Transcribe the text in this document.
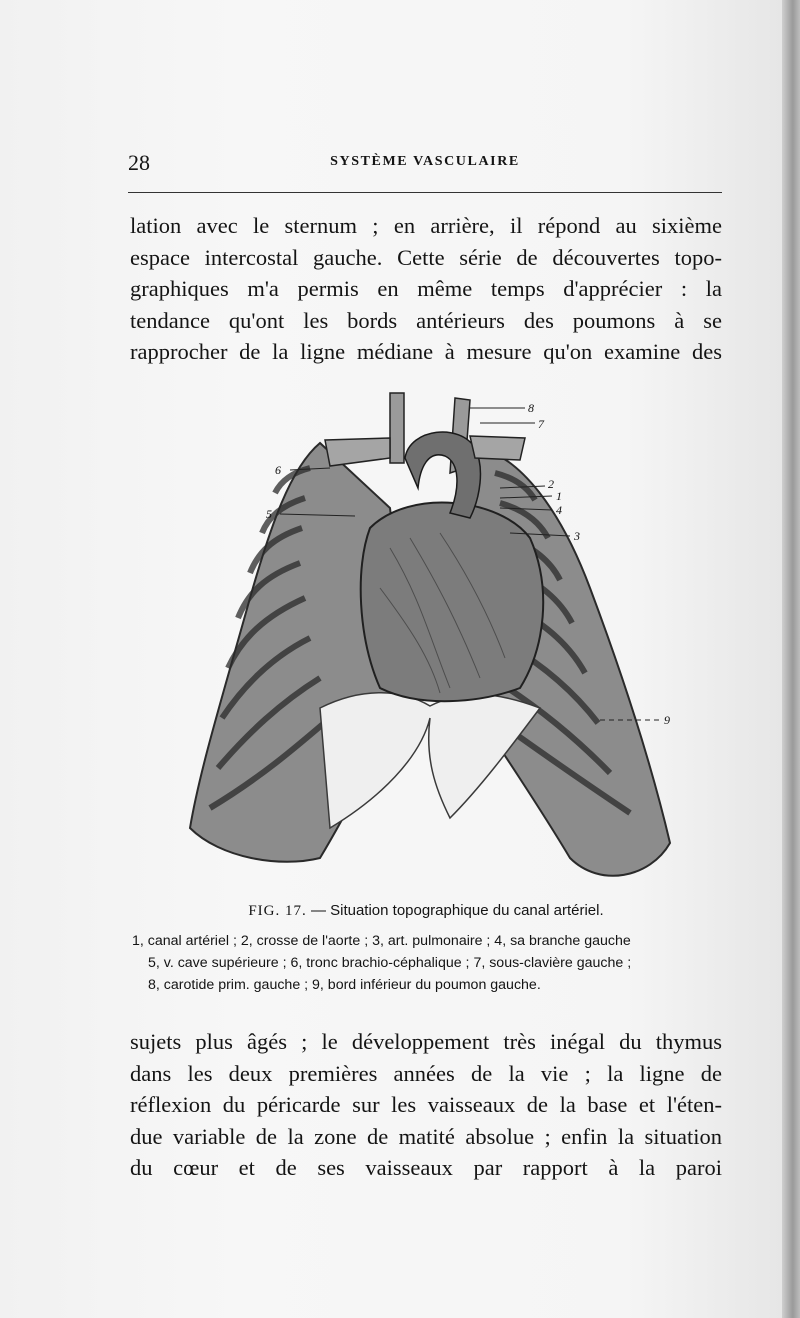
28	SYSTÈME VASCULAIRE
lation avec le sternum ; en arrière, il répond au sixième
espace intercostal gauche. Cette série de découvertes topo-
graphiques m'a permis en même temps d'apprécier : la
tendance qu'ont les bords antérieurs des poumons à se
rapprocher de la ligne médiane à mesure qu'on examine des
8
7
6
2
1
4
5
3
9
FIG. 17. — Situation topographique du canal artériel.
1, canal artériel ; 2, crosse de l'aorte ; 3, art. pulmonaire ; 4, sa branche gauche
5, v. cave supérieure ; 6, tronc brachio-céphalique ; 7, sous-clavière gauche ;
8, carotide prim. gauche ; 9, bord inférieur du poumon gauche.
sujets plus âgés ; le développement très inégal du thymus
dans les deux premières années de la vie ; la ligne de
réflexion du péricarde sur les vaisseaux de la base et l'éten-
due variable de la zone de matité absolue ; enfin la situation
du cœur et de ses vaisseaux par rapport à la paroi
